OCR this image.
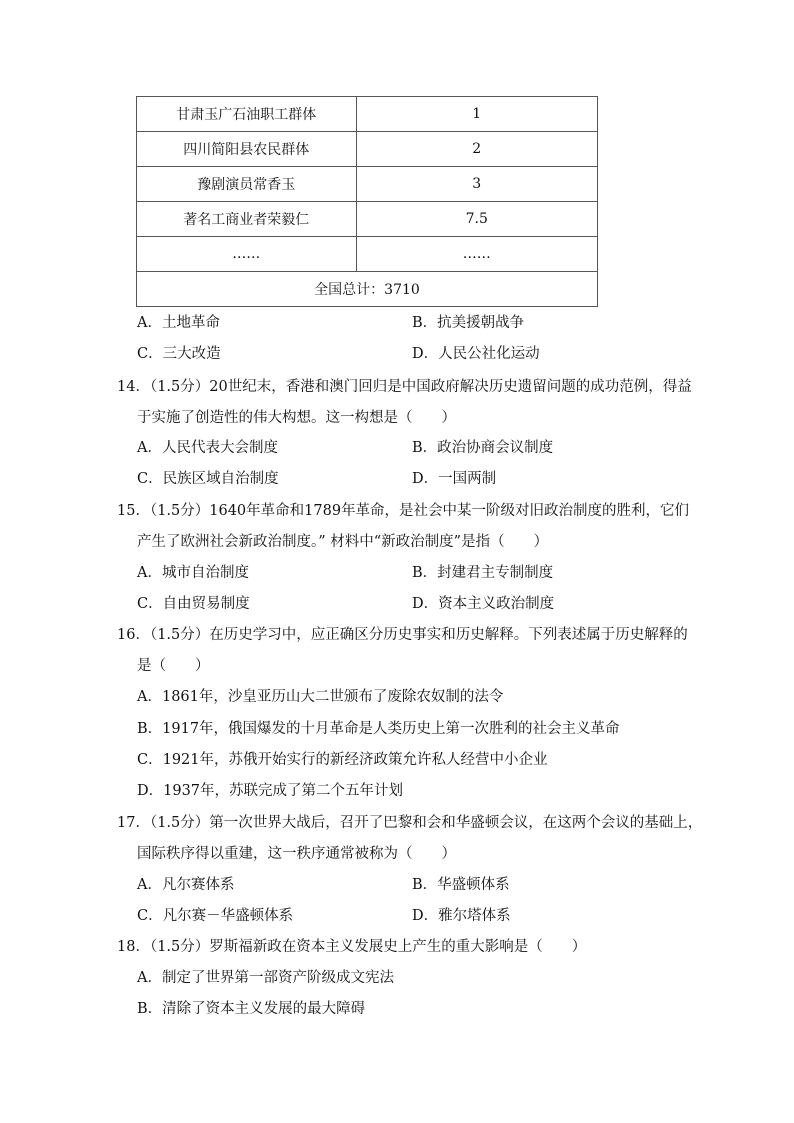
甘肃玉广石油职工群体	1
四川简阳县农民群体	2
豫剧演员常香玉	3
著名工商业者荣毅仁	7.5
……	……
全国总计：3710	
A．土地革命	B．抗美援朝战争
C．三大改造	D．人民公社化运动
14．（1.5分）20世纪末，香港和澳门回归是中国政府解决历史遗留问题的成功范例，得益
于实施了创造性的伟大构想。这一构想是（　　）
A．人民代表大会制度	B．政治协商会议制度
C．民族区域自治制度	D．一国两制
15．（1.5分）1640年革命和1789年革命，是社会中某一阶级对旧政治制度的胜利，它们
产生了欧洲社会新政治制度。” 材料中“新政治制度”是指（　　）
A．城市自治制度	B．封建君主专制制度
C．自由贸易制度	D．资本主义政治制度
16．（1.5分）在历史学习中，应正确区分历史事实和历史解释。下列表述属于历史解释的
是（　　）
A．1861年，沙皇亚历山大二世颁布了废除农奴制的法令
B．1917年，俄国爆发的十月革命是人类历史上第一次胜利的社会主义革命
C．1921年，苏俄开始实行的新经济政策允许私人经营中小企业
D．1937年，苏联完成了第二个五年计划
17．（1.5分）第一次世界大战后，召开了巴黎和会和华盛顿会议，在这两个会议的基础上，
国际秩序得以重建，这一秩序通常被称为（　　）
A．凡尔赛体系	B．华盛顿体系
C．凡尔赛－华盛顿体系	D．雅尔塔体系
18．（1.5分）罗斯福新政在资本主义发展史上产生的重大影响是（　　）
A．制定了世界第一部资产阶级成文宪法
B．清除了资本主义发展的最大障碍
